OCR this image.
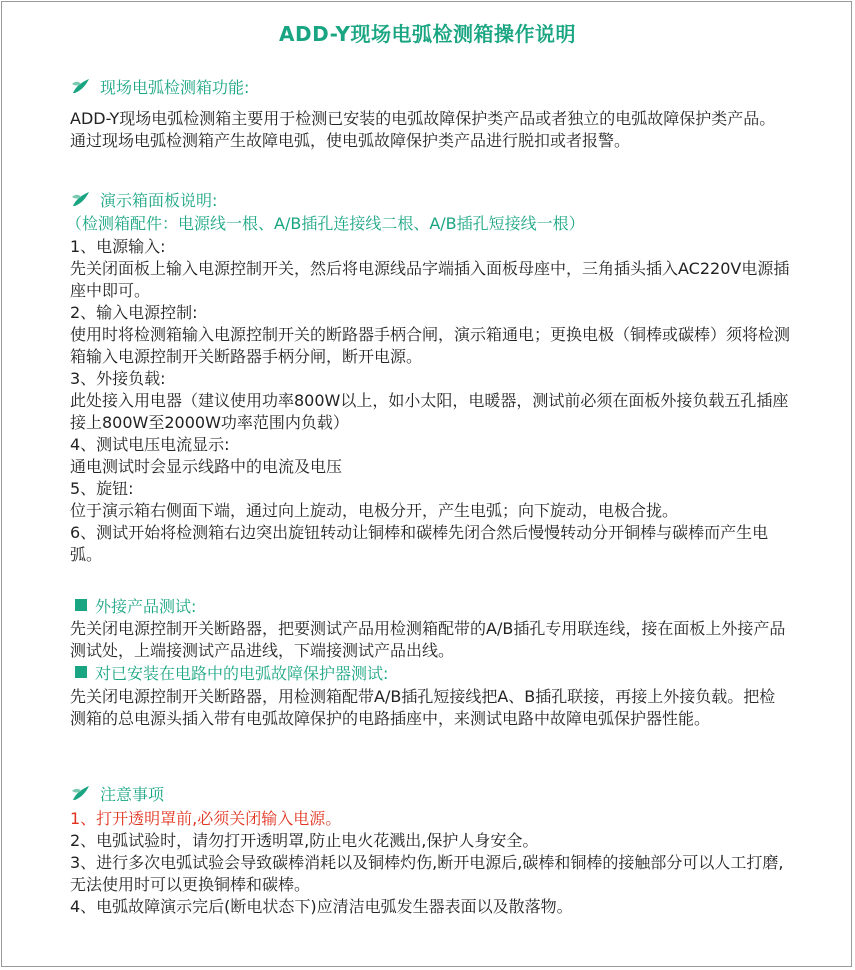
ADD-Y现场电弧检测箱操作说明
现场电弧检测箱功能:
ADD-Y现场电弧检测箱主要用于检测已安装的电弧故障保护类产品或者独立的电弧故障保护类产品。通过现场电弧检测箱产生故障电弧，使电弧故障保护类产品进行脱扣或者报警。
演示箱面板说明:
（检测箱配件：电源线一根、A/B插孔连接线二根、A/B插孔短接线一根）
1、电源输入:
先关闭面板上输入电源控制开关，然后将电源线品字端插入面板母座中，三角插头插入AC220V电源插座中即可。
2、输入电源控制:
使用时将检测箱输入电源控制开关的断路器手柄合闸，演示箱通电；更换电极（铜棒或碳棒）须将检测箱输入电源控制开关断路器手柄分闸，断开电源。
3、外接负载:
此处接入用电器（建议使用功率800W以上，如小太阳，电暖器，测试前必须在面板外接负载五孔插座接上800W至2000W功率范围内负载）
4、测试电压电流显示:
通电测试时会显示线路中的电流及电压
5、旋钮:
位于演示箱右侧面下端，通过向上旋动，电极分开，产生电弧；向下旋动，电极合拢。
6、测试开始将检测箱右边突出旋钮转动让铜棒和碳棒先闭合然后慢慢转动分开铜棒与碳棒而产生电弧。
外接产品测试:
先关闭电源控制开关断路器，把要测试产品用检测箱配带的A/B插孔专用联连线，接在面板上外接产品测试处，上端接测试产品进线，下端接测试产品出线。
对已安装在电路中的电弧故障保护器测试:
先关闭电源控制开关断路器，用检测箱配带A/B插孔短接线把A、B插孔联接，再接上外接负载。把检测箱的总电源头插入带有电弧故障保护的电路插座中，来测试电路中故障电弧保护器性能。
注意事项
1、打开透明罩前,必须关闭输入电源。
2、电弧试验时，请勿打开透明罩,防止电火花溅出,保护人身安全。
3、进行多次电弧试验会导致碳棒消耗以及铜棒灼伤,断开电源后,碳棒和铜棒的接触部分可以人工打磨,无法使用时可以更换铜棒和碳棒。
4、电弧故障演示完后(断电状态下)应清洁电弧发生器表面以及散落物。
